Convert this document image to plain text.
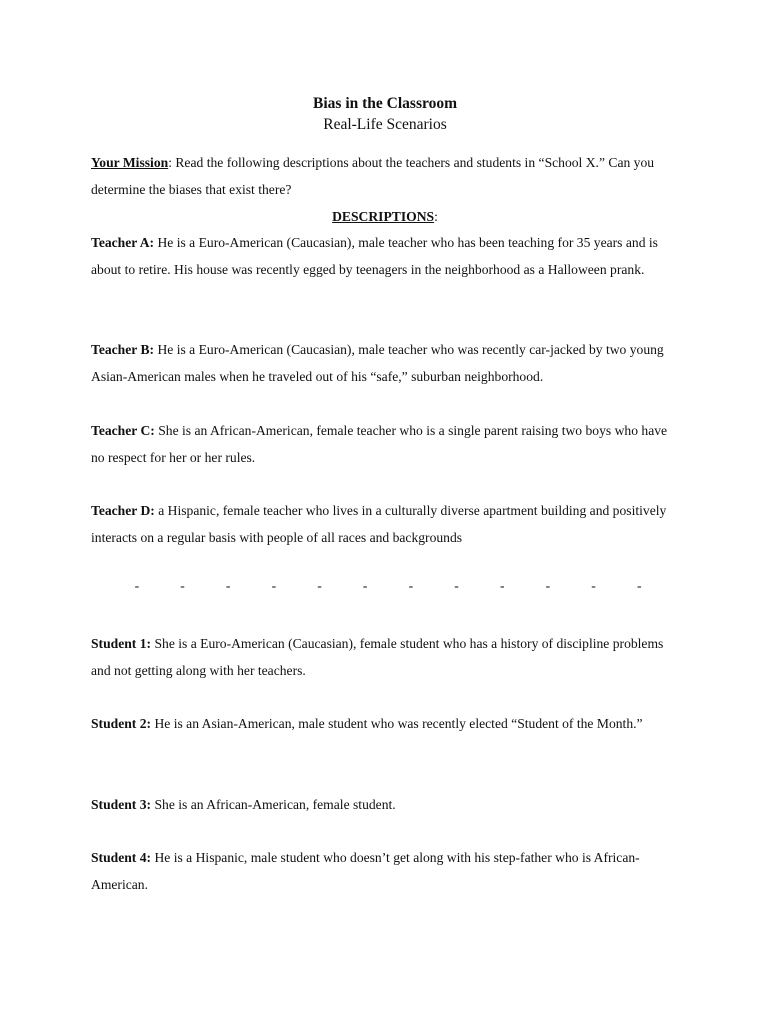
Bias in the Classroom
Real-Life Scenarios

Your Mission: Read the following descriptions about the teachers and students in “School X.” Can you determine the biases that exist there?

DESCRIPTIONS:

Teacher A: He is a Euro-American (Caucasian), male teacher who has been teaching for 35 years and is about to retire. His house was recently egged by teenagers in the neighborhood as a Halloween prank.

Teacher B: He is a Euro-American (Caucasian), male teacher who was recently car-jacked by two young Asian-American males when he traveled out of his “safe,” suburban neighborhood.

Teacher C: She is an African-American, female teacher who is a single parent raising two boys who have no respect for her or her rules.

Teacher D: a Hispanic, female teacher who lives in a culturally diverse apartment building and positively interacts on a regular basis with people of all races and backgrounds

-	-	-	-	-	-	-	-	-	-	-	-

Student 1: She is a Euro-American (Caucasian), female student who has a history of discipline problems and not getting along with her teachers.

Student 2: He is an Asian-American, male student who was recently elected “Student of the Month.”

Student 3: She is an African-American, female student.

Student 4: He is a Hispanic, male student who doesn’t get along with his step-father who is African-American.
